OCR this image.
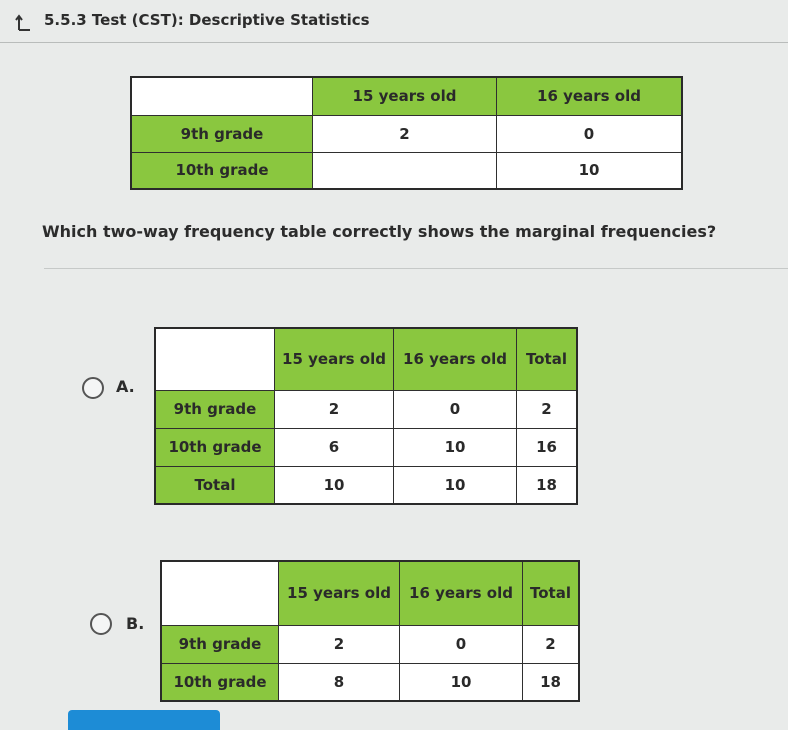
5.5.3 Test (CST): Descriptive Statistics
	15 years old	16 years old
9th grade	2	0
10th grade		10
Which two-way frequency table correctly shows the marginal frequencies?
A.
	15 years old	16 years old	Total
9th grade	2	0	2
10th grade	6	10	16
Total	10	10	18
B.
	15 years old	16 years old	Total
9th grade	2	0	2
10th grade	8	10	18
